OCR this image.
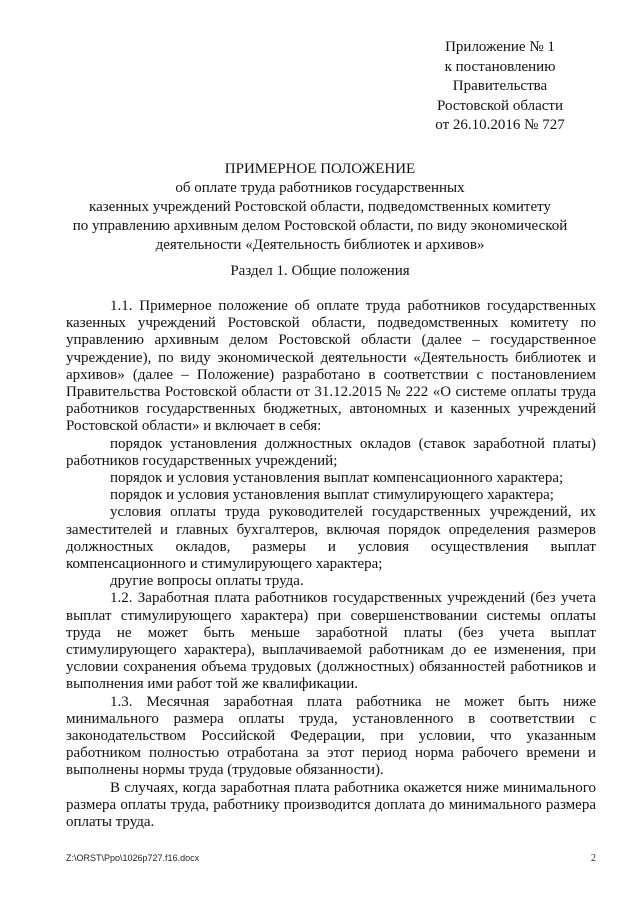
Приложение № 1
к постановлению
Правительства
Ростовской области
от 26.10.2016 № 727
ПРИМЕРНОЕ ПОЛОЖЕНИЕ
об оплате труда работников государственных
казенных учреждений Ростовской области, подведомственных комитету
по управлению архивным делом Ростовской области, по виду экономической
деятельности «Деятельность библиотек и архивов»
Раздел 1. Общие положения

1.1. Примерное положение об оплате труда работников государственных казенных учреждений Ростовской области, подведомственных комитету по управлению архивным делом Ростовской области (далее – государственное учреждение), по виду экономической деятельности «Деятельность библиотек и архивов» (далее – Положение) разработано в соответствии с постановлением Правительства Ростовской области от 31.12.2015 № 222 «О системе оплаты труда работников государственных бюджетных, автономных и казенных учреждений Ростовской области» и включает в себя:

порядок установления должностных окладов (ставок заработной платы) работников государственных учреждений;

порядок и условия установления выплат компенсационного характера;

порядок и условия установления выплат стимулирующего характера;

условия оплаты труда руководителей государственных учреждений, их заместителей и главных бухгалтеров, включая порядок определения размеров должностных окладов, размеры и условия осуществления выплат компенсационного и стимулирующего характера;

другие вопросы оплаты труда.

1.2. Заработная плата работников государственных учреждений (без учета выплат стимулирующего характера) при совершенствовании системы оплаты труда не может быть меньше заработной платы (без учета выплат стимулирующего характера), выплачиваемой работникам до ее изменения, при условии сохранения объема трудовых (должностных) обязанностей работников и выполнения ими работ той же квалификации.

1.3. Месячная заработная плата работника не может быть ниже минимального размера оплаты труда, установленного в соответствии с законодательством Российской Федерации, при условии, что указанным работником полностью отработана за этот период норма рабочего времени и выполнены нормы труда (трудовые обязанности).

В случаях, когда заработная плата работника окажется ниже минимального размера оплаты труда, работнику производится доплата до минимального размера оплаты труда.

Z:\ORST\Ppo\1026p727.f16.docx	2
